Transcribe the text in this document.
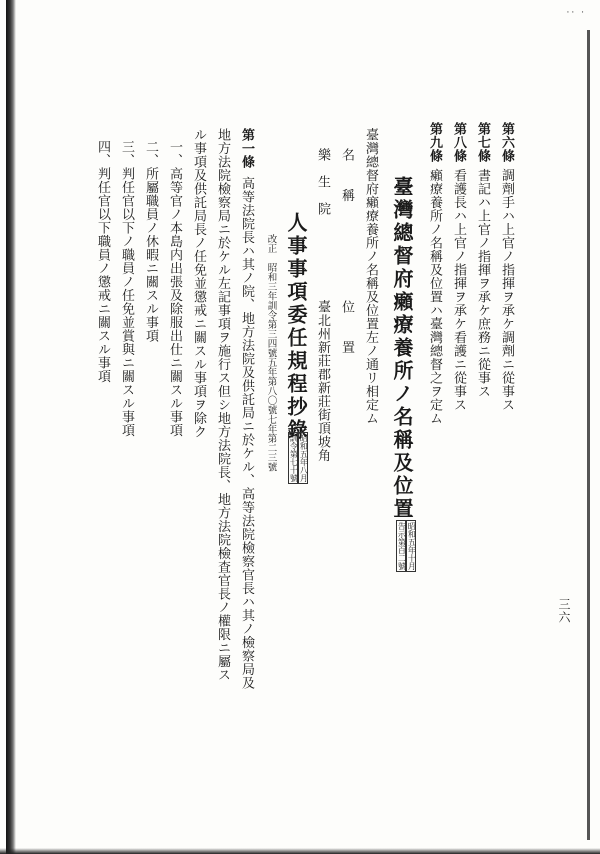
·· ·
第六條調劑手ハ上官ノ指揮ヲ承ケ調劑ニ從事ス
第七條書記ハ上官ノ指揮ヲ承ケ庶務ニ從事ス
第八條看護長ハ上官ノ指揮ヲ承ケ看護ニ從事ス
第九條癩療養所ノ名稱及位置ハ臺灣總督之ヲ定ム
臺灣總督府癩療養所ノ名稱及位置
昭和五年十月
告示第百二號
臺灣總督府癩療養所ノ名稱及位置左ノ通リ相定ム
名　　稱
位　　置
樂　生　院
臺北州新莊郡新莊街頂坡角
人事事項委任規程抄錄
昭和五年八月
訓令第七十號
改正　昭和三年訓令第三四號五年第八〇號七年第二三號
第一條高等法院長ハ其ノ院、地方法院及供託局ニ於ケル、高等法院檢察官長ハ其ノ檢察局及
地方法院檢察局ニ於ケル左記事項ヲ施行ス但シ地方法院長、地方法院檢査官長ノ權限ニ屬ス
ル事項及供託局長ノ任免並懲戒ニ關スル事項ヲ除ク
一、高等官ノ本島内出張及除服出仕ニ關スル事項
二、所屬職員ノ休暇ニ關スル事項
三、判任官以下ノ職員ノ任免並賞與ニ關スル事項
四、判任官以下職員ノ懲戒ニ關スル事項
三六
